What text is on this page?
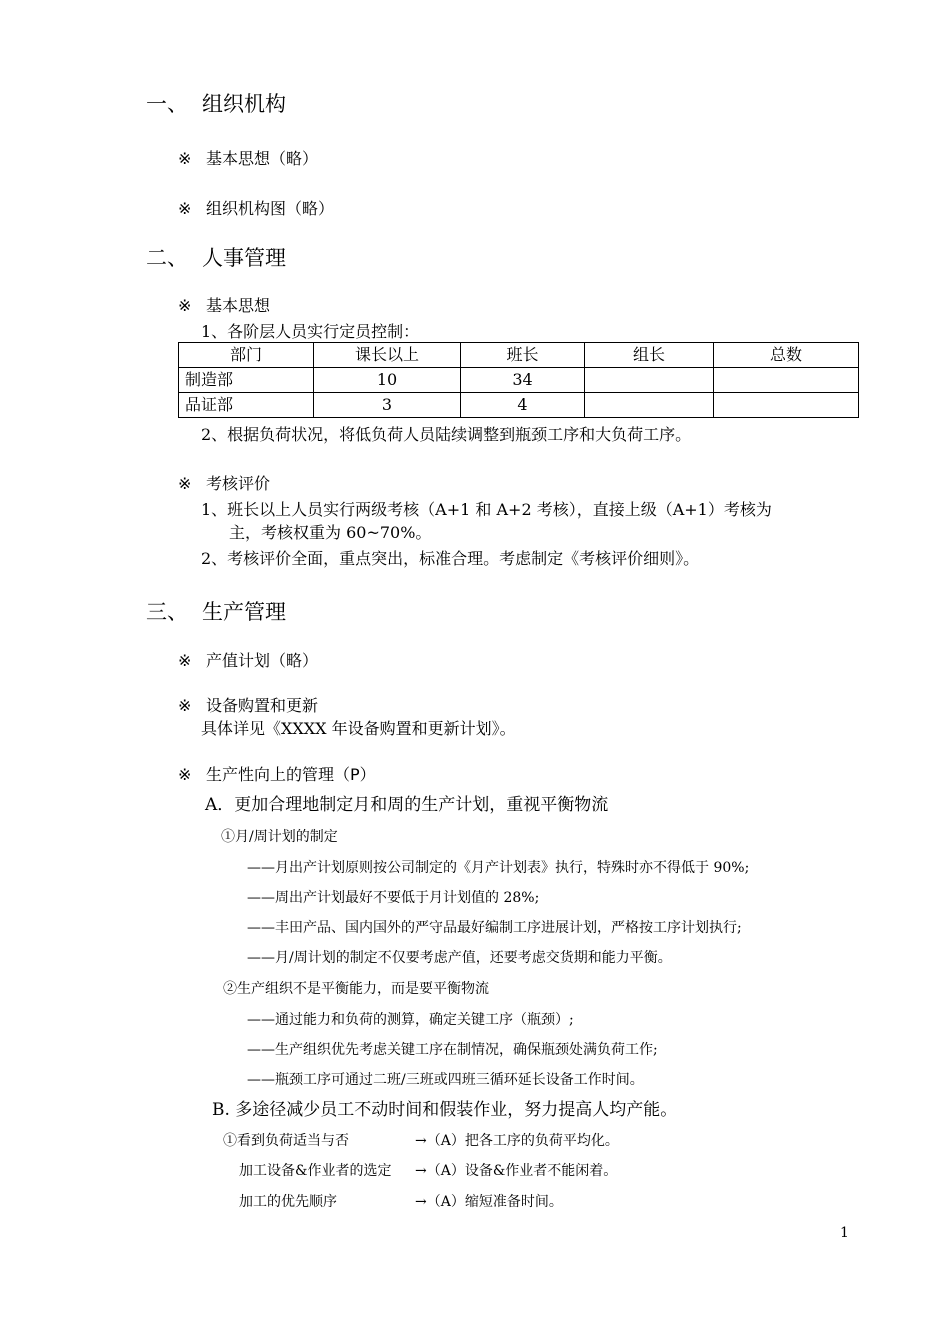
一、 组织机构
※ 基本思想（略）
※ 组织机构图（略）
二、 人事管理
※ 基本思想
1、各阶层人员实行定员控制：
部门	课长以上	班长	组长	总数
制造部	10	34		
品证部	3	4		
2、根据负荷状况，将低负荷人员陆续调整到瓶颈工序和大负荷工序。
※ 考核评价
1、班长以上人员实行两级考核（A+1 和 A+2 考核），直接上级（A+1）考核为
主，考核权重为 60~70%。
2、考核评价全面，重点突出，标准合理。考虑制定《考核评价细则》。
三、 生产管理
※ 产值计划（略）
※ 设备购置和更新
具体详见《XXXX 年设备购置和更新计划》。
※ 生产性向上的管理（P）
A．更加合理地制定月和周的生产计划，重视平衡物流
①月/周计划的制定
——月出产计划原则按公司制定的《月产计划表》执行，特殊时亦不得低于 90%;
——周出产计划最好不要低于月计划值的 28%;
——丰田产品、国内国外的严守品最好编制工序进展计划，严格按工序计划执行;
——月/周计划的制定不仅要考虑产值，还要考虑交货期和能力平衡。
②生产组织不是平衡能力，而是要平衡物流
——通过能力和负荷的测算，确定关键工序（瓶颈）;
——生产组织优先考虑关键工序在制情况，确保瓶颈处满负荷工作;
——瓶颈工序可通过二班/三班或四班三循环延长设备工作时间。
B. 多途径减少员工不动时间和假装作业，努力提高人均产能。
①看到负荷适当与否	→（A）把各工序的负荷平均化。
加工设备&作业者的选定 →（A）设备&作业者不能闲着。
加工的优先顺序	→（A）缩短准备时间。
1
